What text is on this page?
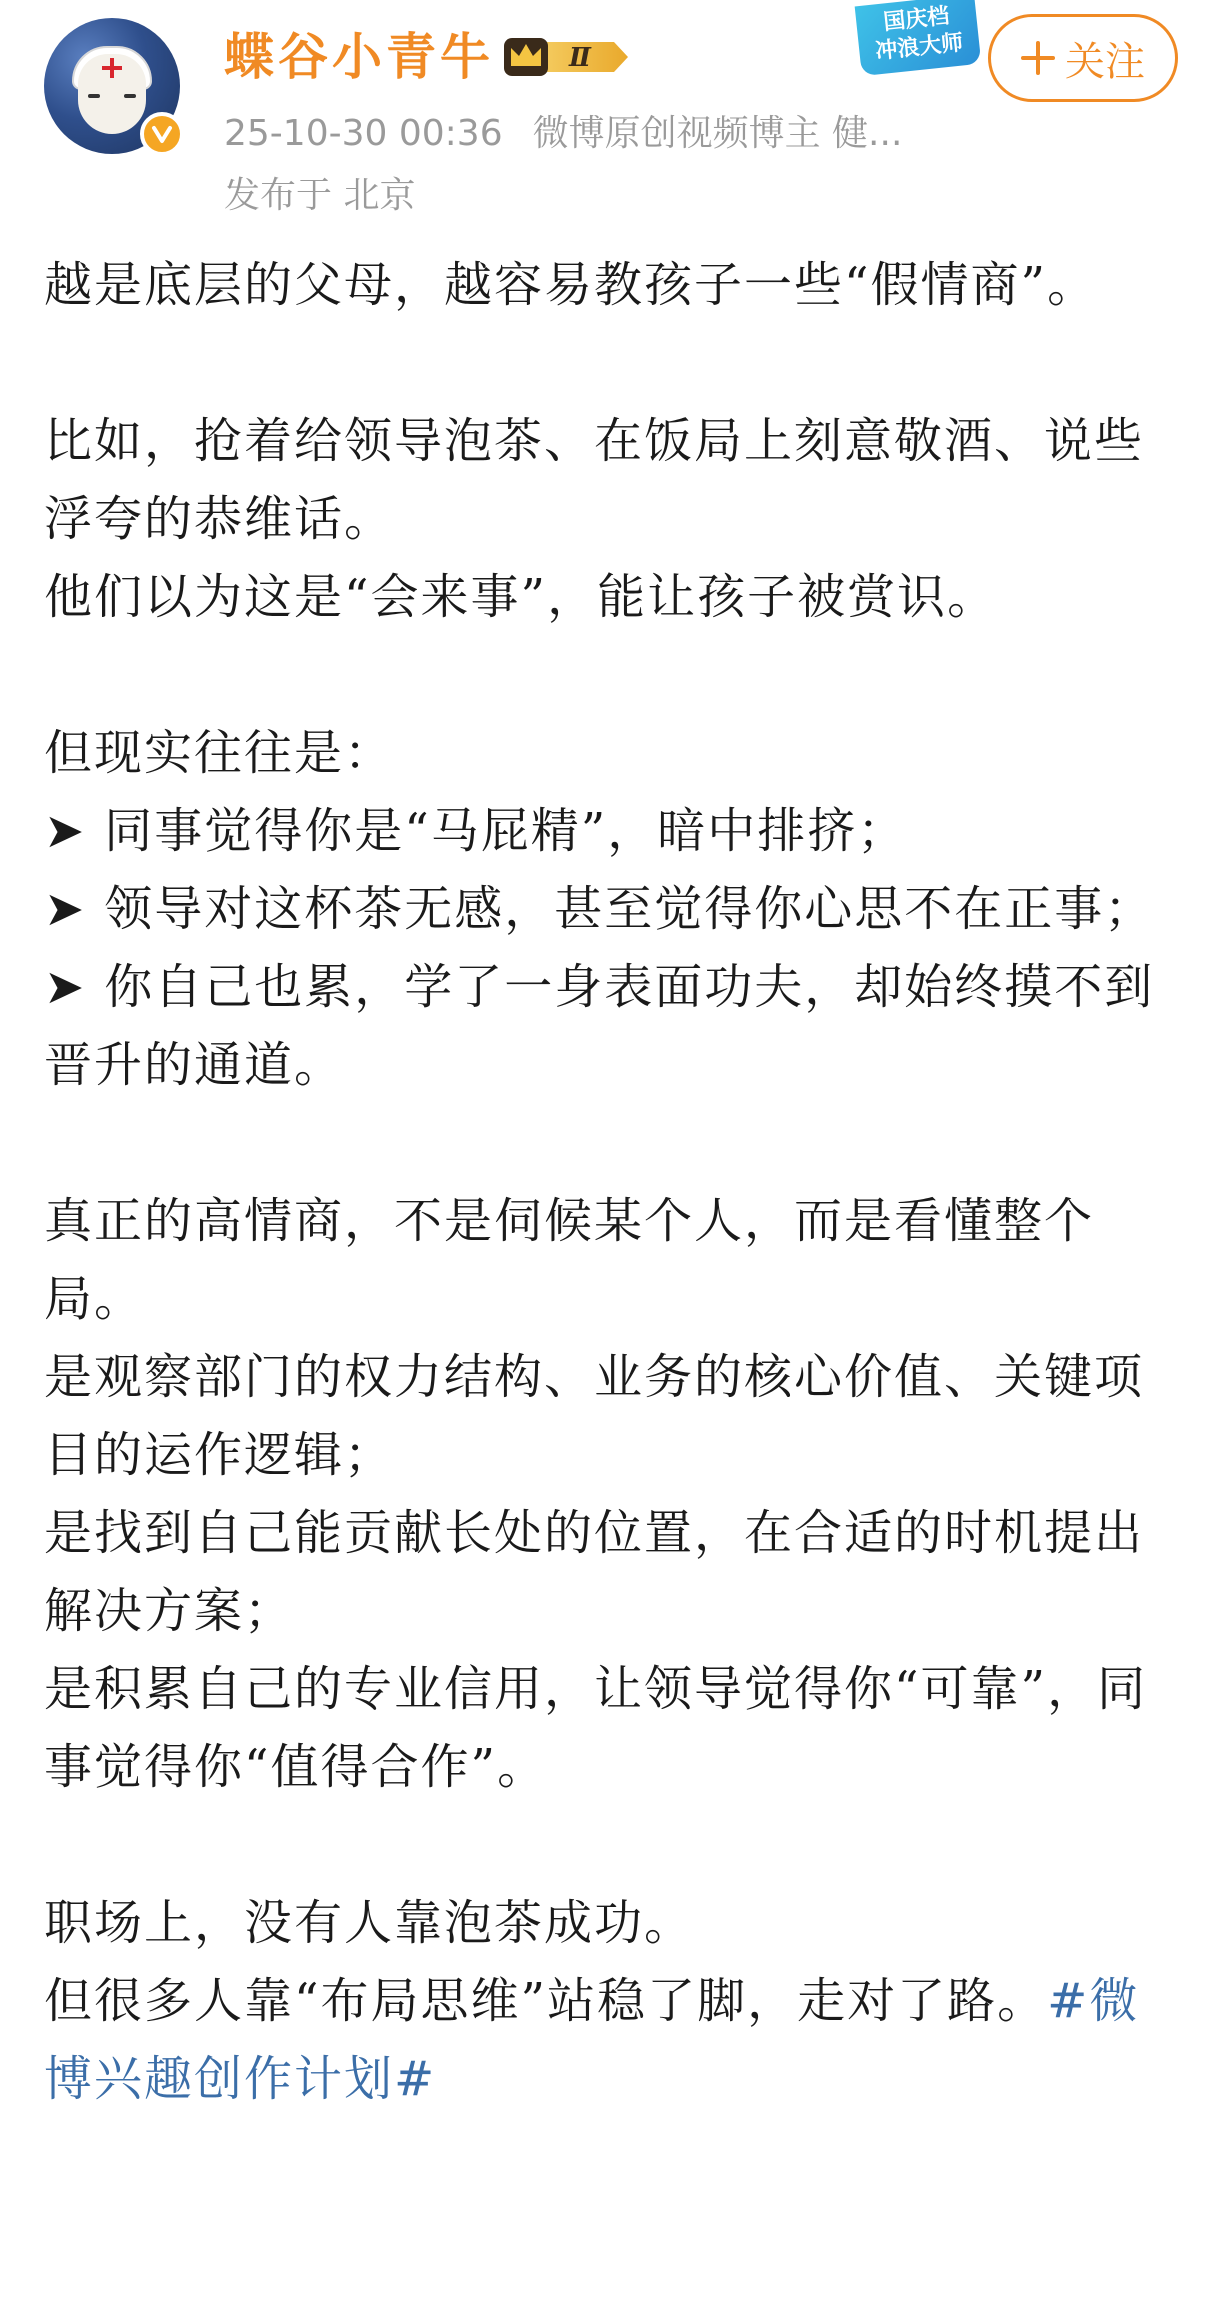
蝶谷小青牛	Ⅱ
25-10-30 00:36 微博原创视频博主 健...
发布于 北京
国庆档
冲浪大师	关注
越是底层的父母，越容易教孩子一些“假情商”。
比如，抢着给领导泡茶、在饭局上刻意敬酒、说些浮夸的恭维话。
他们以为这是“会来事”，能让孩子被赏识。
但现实往往是：
➤ 同事觉得你是“马屁精”，暗中排挤；
➤ 领导对这杯茶无感，甚至觉得你心思不在正事；
➤ 你自己也累，学了一身表面功夫，却始终摸不到晋升的通道。
真正的高情商，不是伺候某个人，而是看懂整个局。
是观察部门的权力结构、业务的核心价值、关键项目的运作逻辑；
是找到自己能贡献长处的位置，在合适的时机提出解决方案；
是积累自己的专业信用，让领导觉得你“可靠”，同事觉得你“值得合作”。
职场上，没有人靠泡茶成功。
但很多人靠“布局思维”站稳了脚，走对了路。#微博兴趣创作计划#
